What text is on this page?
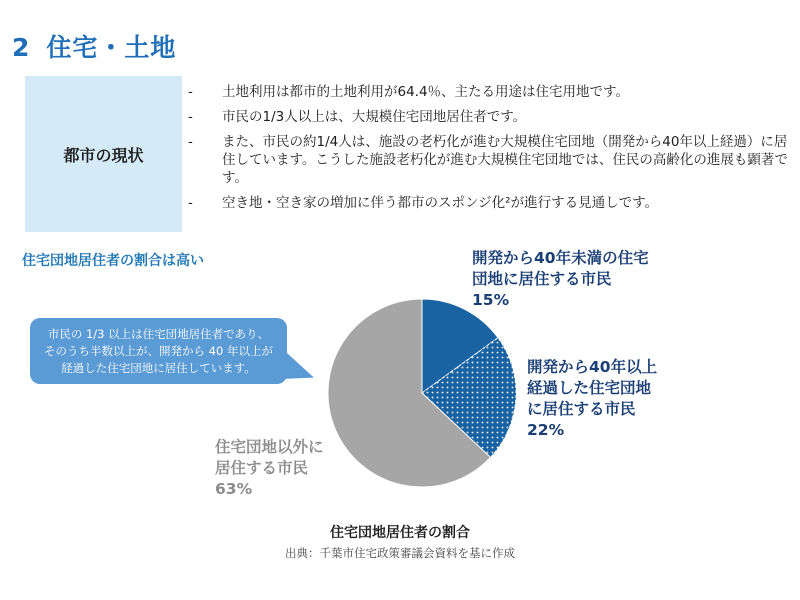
2 住宅・土地
都市の現状
- 土地利用は都市的土地利用が64.4％、主たる用途は住宅用地です。
- 市民の1/3人以上は、大規模住宅団地居住者です。
- また、市民の約1/4人は、施設の老朽化が進む大規模住宅団地（開発から40年以上経過）に居住しています。こうした施設老朽化が進む大規模住宅団地では、住民の高齢化の進展も顕著です。
- 空き地・空き家の増加に伴う都市のスポンジ化²が進行する見通しです。
住宅団地居住者の割合は高い
市民の 1/3 以上は住宅団地居住者であり、
そのうち半数以上が、開発から 40 年以上が
経過した住宅団地に居住しています。
開発から40年未満の住宅
団地に居住する市民
15%
開発から40年以上
経過した住宅団地
に居住する市民
22%
住宅団地以外に
居住する市民
63%
住宅団地居住者の割合
出典：千葉市住宅政策審議会資料を基に作成
